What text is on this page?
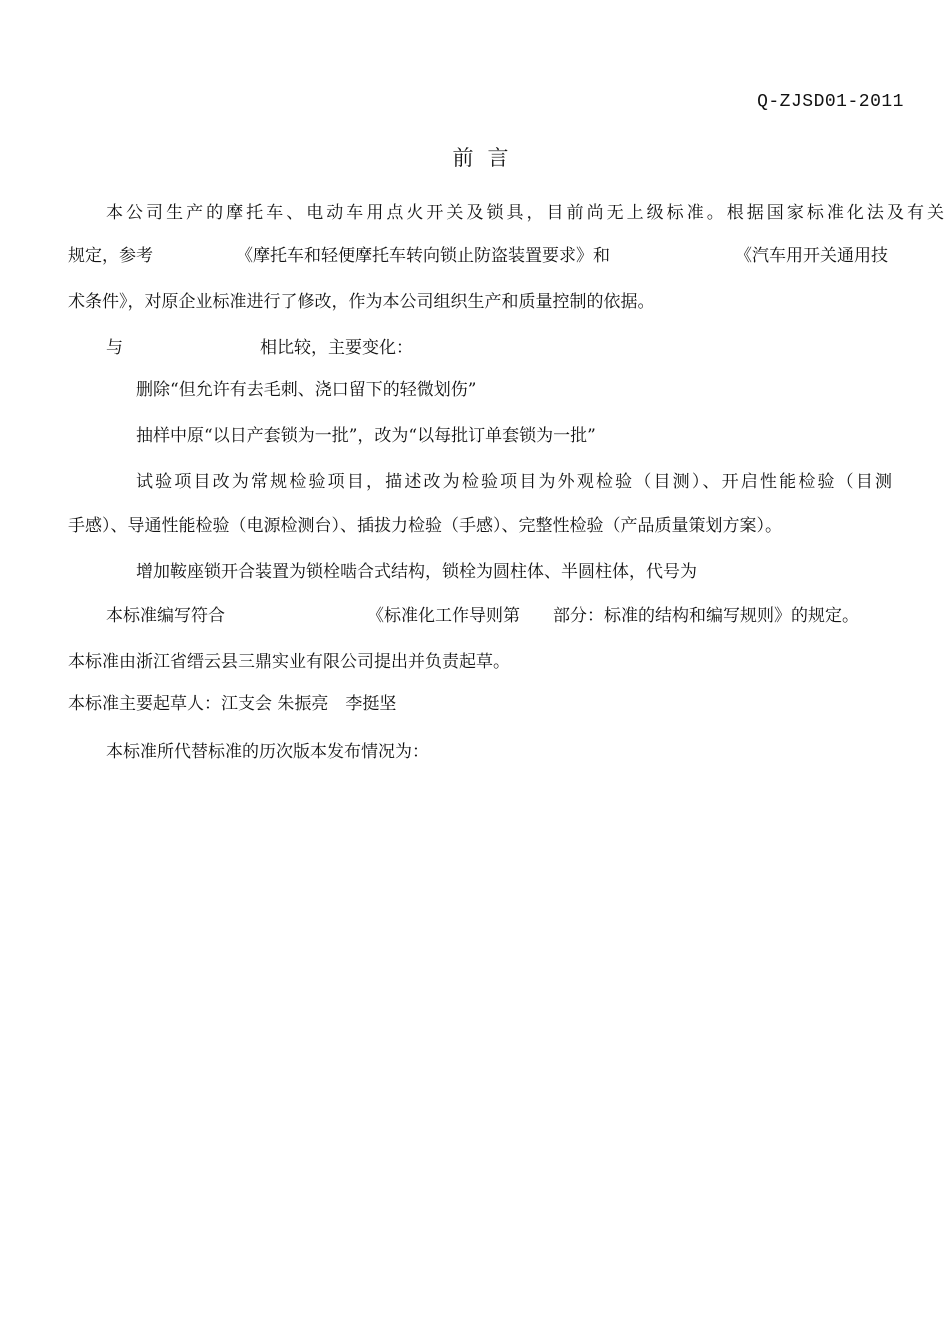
Q-ZJSD01-2011
前言
本公司生产的摩托车、电动车用点火开关及锁具，目前尚无上级标准。根据国家标准化法及有关
规定，参考	《摩托车和轻便摩托车转向锁止防盗装置要求》和	《汽车用开关通用技
术条件》，对原企业标准进行了修改，作为本公司组织生产和质量控制的依据。
与	相比较，主要变化：
删除“但允许有去毛刺、浇口留下的轻微划伤”
抽样中原“以日产套锁为一批”，改为“以每批订单套锁为一批”
试验项目改为常规检验项目，描述改为检验项目为外观检验（目测）、开启性能检验（目测
手感）、导通性能检验（电源检测台）、插拔力检验（手感）、完整性检验（产品质量策划方案）。
增加鞍座锁开合装置为锁栓啮合式结构，锁栓为圆柱体、半圆柱体，代号为
本标准编写符合	《标准化工作导则第 部分：标准的结构和编写规则》的规定。
本标准由浙江省缙云县三鼎实业有限公司提出并负责起草。
本标准主要起草人：江支会 朱振亮　李挺坚
本标准所代替标准的历次版本发布情况为：
